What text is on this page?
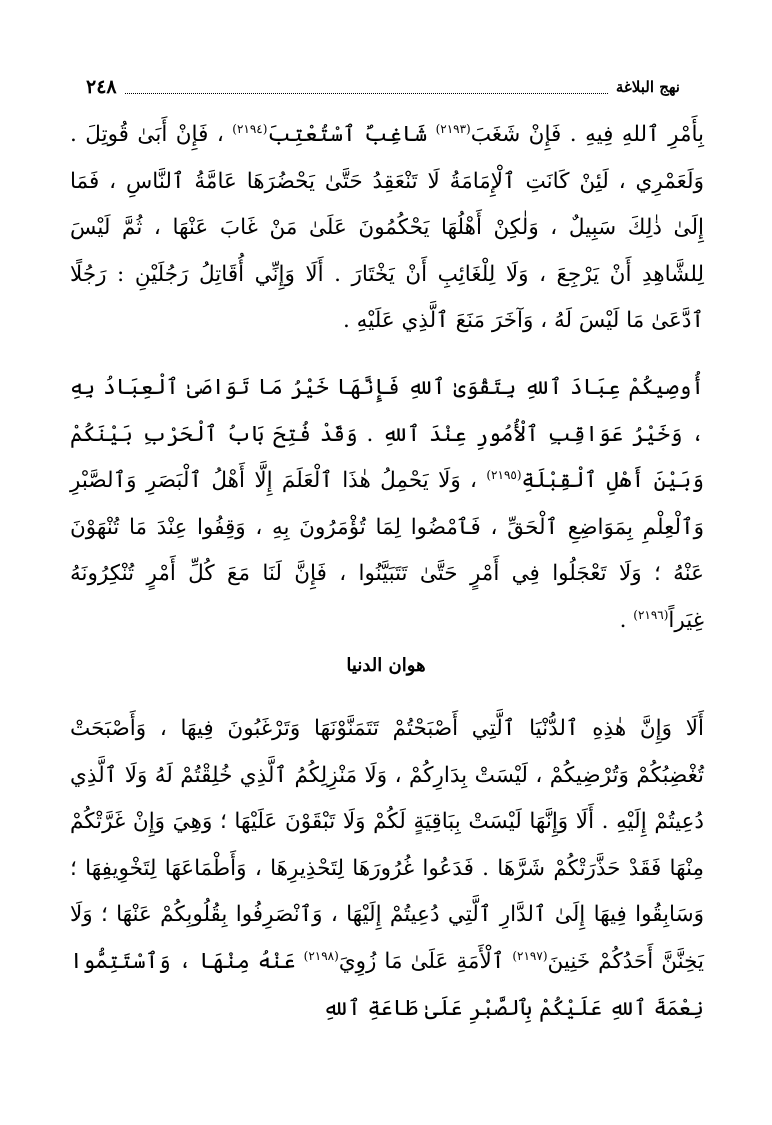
٢٤٨	نهج البلاغة
بِأَمْرِ ٱللهِ فِيهِ . فَإِنْ شَغَبَ$^{(٢١٩٣)}$ شَاغِبٌ ٱسْتُعْتِبَ$^{(٢١٩٤)}$ ، فَإِنْ أَبَىٰ قُوتِلَ . وَلَعَمْرِي ، لَئِنْ كَانَتِ ٱلْإِمَامَةُ لَا تَنْعَقِدُ حَتَّىٰ يَحْضُرَهَا عَامَّةُ ٱلنَّاسِ ، فَمَا إِلَىٰ ذٰلِكَ سَبِيلٌ ، وَلٰكِنْ أَهْلُهَا يَحْكُمُونَ عَلَىٰ مَنْ غَابَ عَنْهَا ، ثُمَّ لَيْسَ لِلشَّاهِدِ أَنْ يَرْجِعَ ، وَلَا لِلْغَائِبِ أَنْ يَخْتَارَ . أَلَا وَإِنِّي أُقَاتِلُ رَجُلَيْنِ : رَجُلًا ٱدَّعَىٰ مَا لَيْسَ لَهُ ، وَآخَرَ مَنَعَ ٱلَّذِي عَلَيْهِ .
أُوصِيكُمْ عِبَادَ ٱللهِ بِتَقْوَىٰ ٱللهِ فَإِنَّهَا خَيْرُ مَا تَوَاصَىٰ ٱلْعِبَادُ بِهِ ، وَخَيْرُ عَوَاقِبِ ٱلْأُمُورِ عِنْدَ ٱللهِ . وَقَدْ فُتِحَ بَابُ ٱلْحَرْبِ بَيْنَكُمْ وَبَيْنَ أَهْلِ ٱلْقِبْلَةِ$^{(٢١٩٥)}$ ، وَلَا يَحْمِلُ هٰذَا ٱلْعَلَمَ إِلَّا أَهْلُ ٱلْبَصَرِ وَٱلصَّبْرِ وَٱلْعِلْمِ بِمَوَاضِعِ ٱلْحَقِّ ، فَٱمْضُوا لِمَا تُؤْمَرُونَ بِهِ ، وَقِفُوا عِنْدَ مَا تُنْهَوْنَ عَنْهُ ؛ وَلَا تَعْجَلُوا فِي أَمْرٍ حَتَّىٰ تَتَبَيَّنُوا ، فَإِنَّ لَنَا مَعَ كُلِّ أَمْرٍ تُنْكِرُونَهُ غِيَراً$^{(٢١٩٦)}$ .
هوان الدنيا
أَلَا وَإِنَّ هٰذِهِ ٱلدُّنْيَا ٱلَّتِي أَصْبَحْتُمْ تَتَمَنَّوْنَهَا وَتَرْغَبُونَ فِيهَا ، وَأَصْبَحَتْ تُغْضِبُكُمْ وَتُرْضِيكُمْ ، لَيْسَتْ بِدَارِكُمْ ، وَلَا مَنْزِلِكُمُ ٱلَّذِي خُلِقْتُمْ لَهُ وَلَا ٱلَّذِي دُعِيتُمْ إِلَيْهِ . أَلَا وَإِنَّهَا لَيْسَتْ بِبَاقِيَةٍ لَكُمْ وَلَا تَبْقَوْنَ عَلَيْهَا ؛ وَهِيَ وَإِنْ غَرَّتْكُمْ مِنْهَا فَقَدْ حَذَّرَتْكُمْ شَرَّهَا . فَدَعُوا غُرُورَهَا لِتَحْذِيرِهَا ، وَأَطْمَاعَهَا لِتَخْوِيفِهَا ؛ وَسَابِقُوا فِيهَا إِلَىٰ ٱلدَّارِ ٱلَّتِي دُعِيتُمْ إِلَيْهَا ، وَٱنْصَرِفُوا بِقُلُوبِكُمْ عَنْهَا ؛ وَلَا يَخِنَّنَّ أَحَدُكُمْ خَنِينَ$^{(٢١٩٧)}$ ٱلْأَمَةِ عَلَىٰ مَا زُوِيَ$^{(٢١٩٨)}$ عَنْهُ مِنْهَا ، وَٱسْتَتِمُّوا نِعْمَةَ ٱللهِ عَلَيْكُمْ بِٱلصَّبْرِ عَلَىٰ طَاعَةِ ٱللهِ
